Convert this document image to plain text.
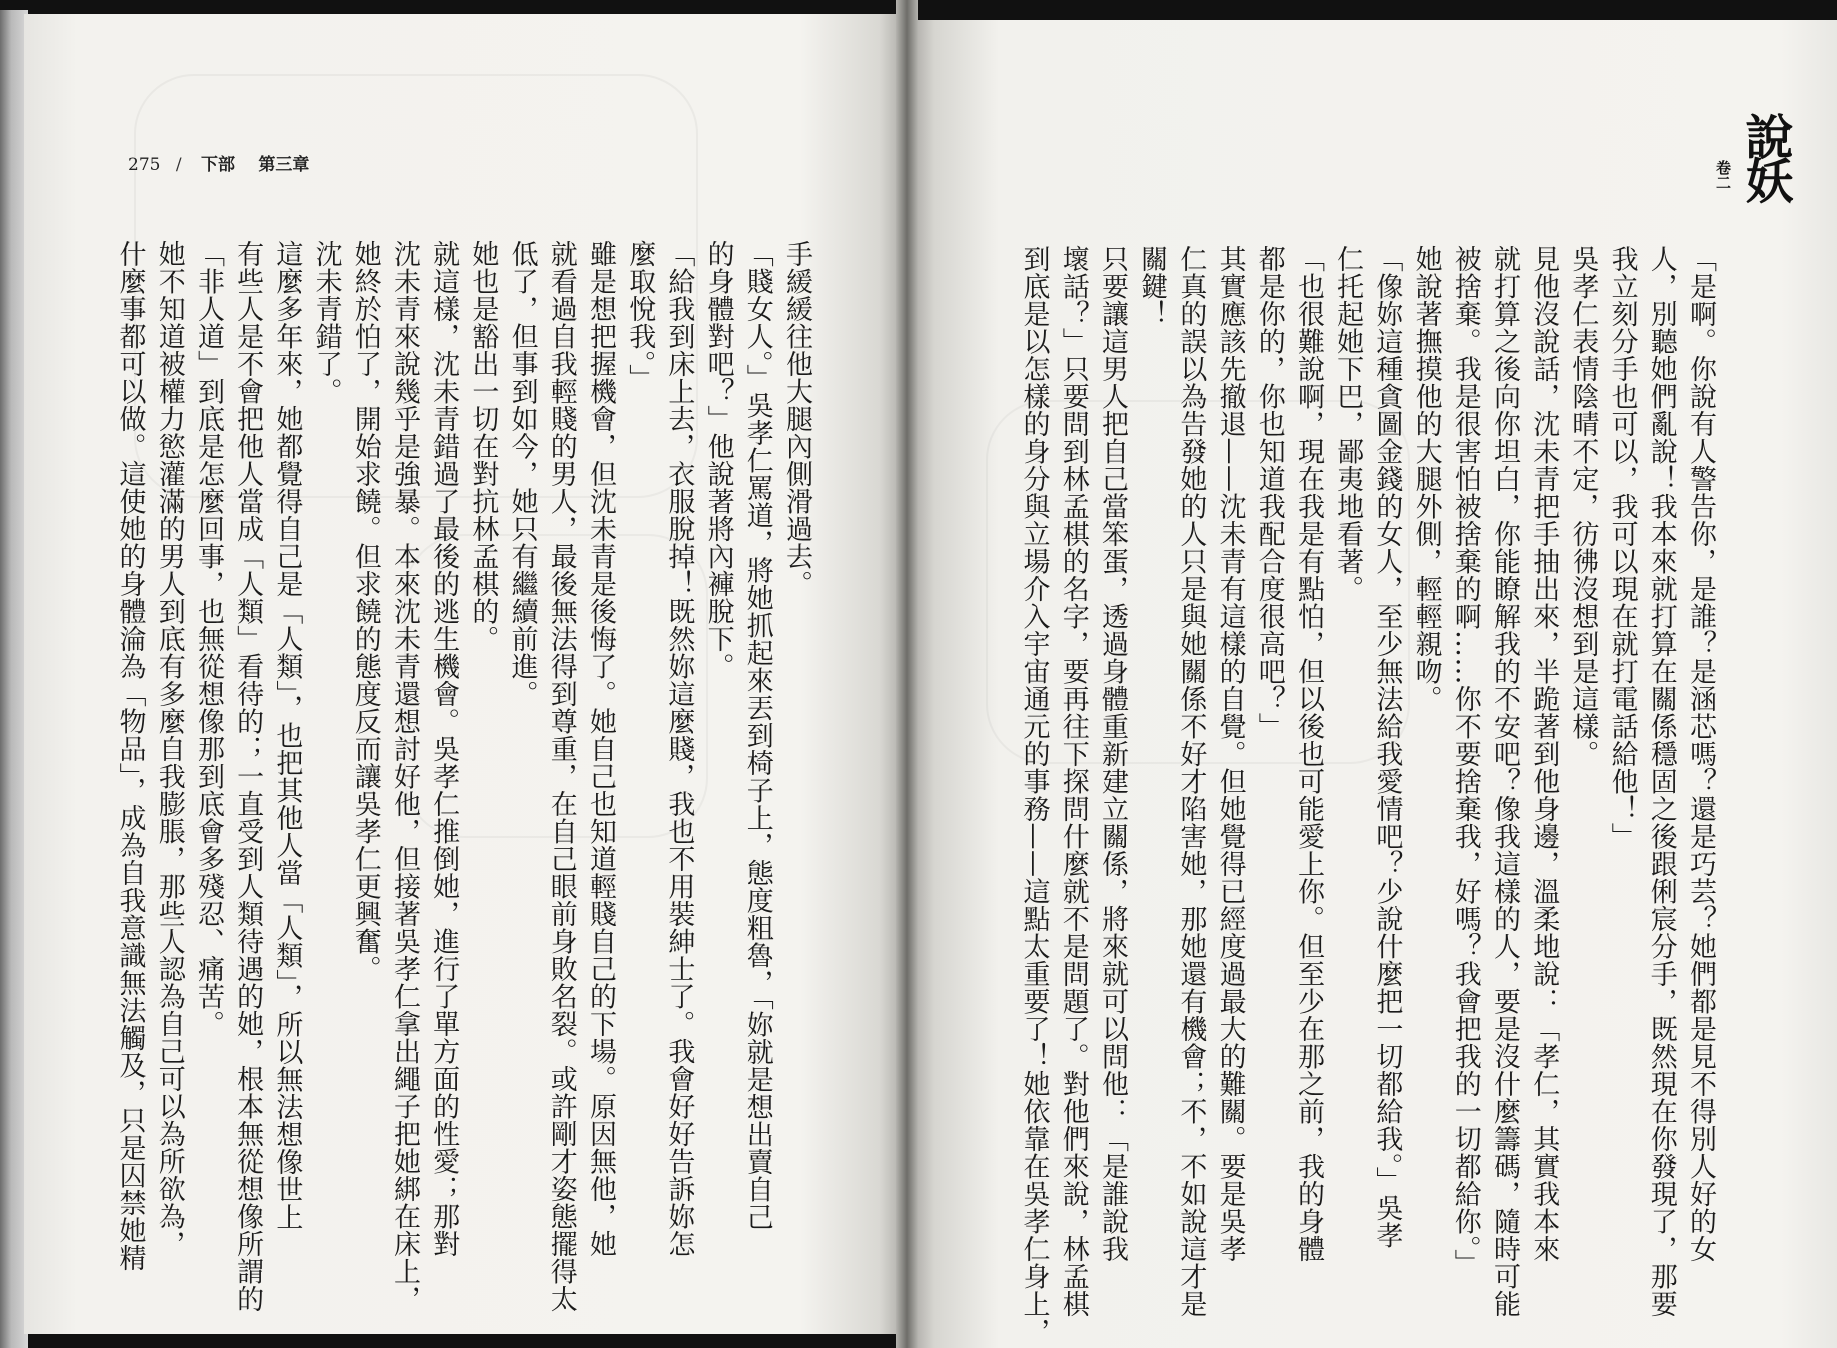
275 / 下部 第三章	說妖
卷二
手緩緩往他大腿內側滑過去。
「賤女人。」吳孝仁罵道，將她抓起來丟到椅子上，態度粗魯，「妳就是想出賣自己
的身體對吧？」他說著將內褲脫下。
「給我到床上去，衣服脫掉！既然妳這麼賤，我也不用裝紳士了。我會好好告訴妳怎
麼取悅我。」
雖是想把握機會，但沈未青是後悔了。她自己也知道輕賤自己的下場。原因無他，她
就看過自我輕賤的男人，最後無法得到尊重，在自己眼前身敗名裂。或許剛才姿態擺得太
低了，但事到如今，她只有繼續前進。
她也是豁出一切在對抗林孟棋的。
就這樣，沈未青錯過了最後的逃生機會。吳孝仁推倒她，進行了單方面的性愛；那對
沈未青來說幾乎是強暴。本來沈未青還想討好他，但接著吳孝仁拿出繩子把她綁在床上，
她終於怕了，開始求饒。但求饒的態度反而讓吳孝仁更興奮。
沈未青錯了。
這麼多年來，她都覺得自己是「人類」，也把其他人當「人類」，所以無法想像世上
有些人是不會把他人當成「人類」看待的；一直受到人類待遇的她，根本無從想像所謂的
「非人道」到底是怎麼回事，也無從想像那到底會多殘忍、痛苦。
她不知道被權力慾灌滿的男人到底有多麼自我膨脹，那些人認為自己可以為所欲為，
什麼事都可以做。這使她的身體淪為「物品」，成為自我意識無法觸及，只是囚禁她精	「是啊。你說有人警告你，是誰？是涵芯嗎？還是巧芸？她們都是見不得別人好的女
人，別聽她們亂說！我本來就打算在關係穩固之後跟俐宸分手，既然現在你發現了，那要
我立刻分手也可以，我可以現在就打電話給他！」
吳孝仁表情陰晴不定，彷彿沒想到是這樣。
見他沒說話，沈未青把手抽出來，半跪著到他身邊，溫柔地說：「孝仁，其實我本來
就打算之後向你坦白，你能瞭解我的不安吧？像我這樣的人，要是沒什麼籌碼，隨時可能
被捨棄。我是很害怕被捨棄的啊……你不要捨棄我，好嗎？我會把我的一切都給你。」
她說著撫摸他的大腿外側，輕輕親吻。
「像妳這種貪圖金錢的女人，至少無法給我愛情吧？少說什麼把一切都給我。」吳孝
仁托起她下巴，鄙夷地看著。
「也很難說啊，現在我是有點怕，但以後也可能愛上你。但至少在那之前，我的身體
都是你的，你也知道我配合度很高吧？」
其實應該先撤退——沈未青有這樣的自覺。但她覺得已經度過最大的難關。要是吳孝
仁真的誤以為告發她的人只是與她關係不好才陷害她，那她還有機會；不，不如說這才是
關鍵！
只要讓這男人把自己當笨蛋，透過身體重新建立關係，將來就可以問他：「是誰說我
壞話？」只要問到林孟棋的名字，要再往下探問什麼就不是問題了。對他們來說，林孟棋
到底是以怎樣的身分與立場介入宇宙通元的事務——這點太重要了！她依靠在吳孝仁身上，
